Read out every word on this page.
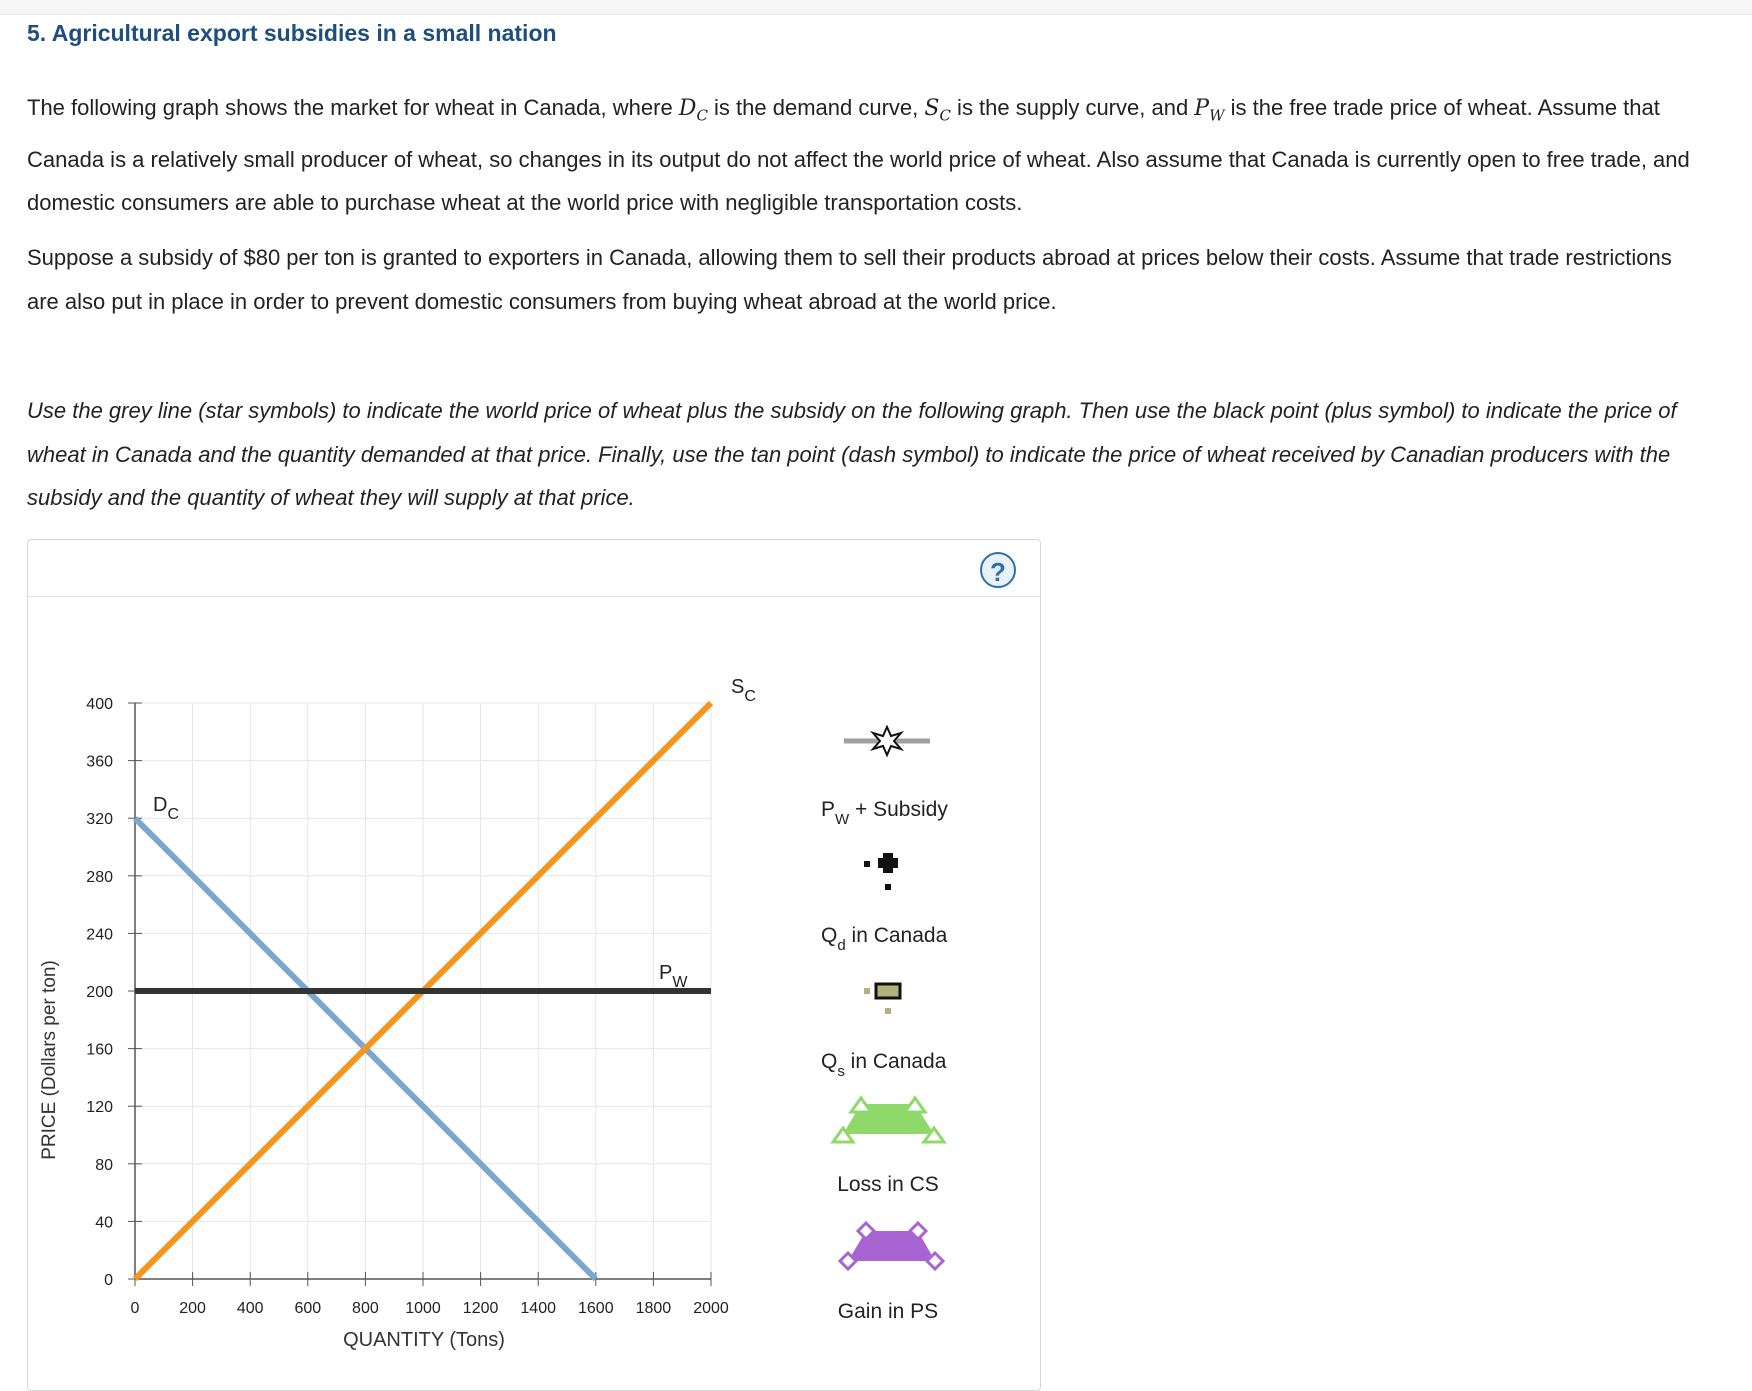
5. Agricultural export subsidies in a small nation

The following graph shows the market for wheat in Canada, where $D_C$ is the demand curve, $S_C$ is the supply curve, and $P_W$ is the free trade price of wheat. Assume that Canada is a relatively small producer of wheat, so changes in its output do not affect the world price of wheat. Also assume that Canada is currently open to free trade, and domestic consumers are able to purchase wheat at the world price with negligible transportation costs.

Suppose a subsidy of $80 per ton is granted to exporters in Canada, allowing them to sell their products abroad at prices below their costs. Assume that trade restrictions are also put in place in order to prevent domestic consumers from buying wheat abroad at the world price.

Use the grey line (star symbols) to indicate the world price of wheat plus the subsidy on the following graph. Then use the black point (plus symbol) to indicate the price of wheat in Canada and the quantity demanded at that price. Finally, use the tan point (dash symbol) to indicate the price of wheat received by Canadian producers with the subsidy and the quantity of wheat they will supply at that price.

?
0
40
80
120
160
200
240
280
320
360
400
0 200 400 600 800 1000 1200 1400 1600 1800 2000
$D_C$
$S_C$
$P_W$
PRICE (Dollars per ton)
QUANTITY (Tons)
$P_W$ + Subsidy
$Q_d$ in Canada
$Q_s$ in Canada
Loss in CS
Gain in PS
